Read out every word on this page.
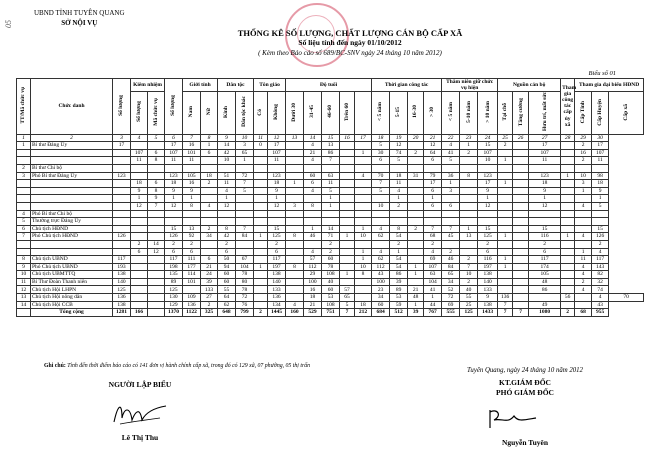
UBND TỈNH TUYÊN QUANG
SỞ NỘI VỤ
05
THỐNG KÊ SỐ LƯỢNG, CHẤT LƯỢNG CÁN BỘ CẤP XÃ
Số liệu tính đến ngày 01/10/2012
( Kèm theo Báo cáo số 689/BC-SNV ngày 24 tháng 10 năm 2012)
Biểu số 01
TT/Mã chức vụ	Chức danh	Số lượng	Kiêm nhiệm		Số lượng	Giới tính		Dân tộc		Tôn giáo		Độ tuổi					Thời gian công tác				Thâm niên giữ chức vụ hiện			Nguồn cán bộ			Tham gia công tác cấp ủy xã	Tham gia đại biểu HĐND		

			Số lượng	Mã chức vụ		Nam	Nữ	Kinh	Dân tộc khác	Có	Không	Dưới 30	31-45	46-60	Trên 60		< 5 năm	5-15	16-30	> 30	< 5 năm	5-10 năm	> 10 năm	Tại chỗ	Tăng cường	Hưu trí, mất sức		Cấp Tỉnh	Cấp Huyện	Cấp xã
1	2	3	4	5	6	7	8	9	10	11	12	13	14	15	16	17	18	19	20	21	22	23	24	25	26	27	28	29	30	
1	Bí thư Đảng Ủy	17			17	16	1	14	3	0	17		4	13			5	12		12	4	1	15	2		17		2	17	
			107	6	107	101	6	42	65		107		21	86		1	30	74	2	64	41	2	107			107		16	107	
			11	8	11	11		10	1		11		4	7			6	5		6	5		10	1		11		2	11	
2	Bí thư Chi bộ																													
3	Phó Bí thư Đảng Ủy	123			123	105	18	51	72		123		60	63		4	70	18	31	79	36	8	123			123	1	10	98	
			18	6	18	16	2	11	7		18	1	6	11			7	11		17	1		17	1		18		3	18	
			9	8	9	9		4	5		9		4	5			5	4		6	3		9			9		1	9	
			1	9	1	1		1			1			1				1		1			1			1			1	
			12	7	12	8	4	12			12	3	8	1			10	2		6	6		12			12		4	5	
4	Phó Bí thư Chi bộ																													
5	Thường trực Đảng Ủy																													
6	Chủ tịch HĐND				15	13	2	8	7		15		1	14		1	4	8	2	7	7	1	15			15			15	
7	Phó Chủ tịch HĐND	126			126	92	34	42	84	1	125	8	46	71	1	10	62	54		68	45	13	125	1		116	1	4	126	
			2	14	2	2		2			2			2				2		2			2			2			2	
			6	12	6	6		6			6		4	2		1	4	1		4	2		6			6		1	4	
8	Chủ tịch UBND	117			117	111	6	50	67		117		57	60		1	62	54		69	46	2	116	1		117		11	117	
9	Phó Chủ tịch UBND	193			198	177	21	94	104	1	197	8	112	78		10	112	54	1	107	84	7	197	1		174		4	143	
10	Chủ tịch UBMTTQ	138			135	114	24	60	78		138		29	108	1	8	43	86	1	63	65	10	138			105		4	82	
11	Bí Thư Đoàn Thanh niên	140			89	101	39	60	80		140		100	40			100	39		104	34	2	140			48		2	32	
12	Chủ tịch Hội LHPN	125			125		133	55	78		133		16	60	57		23	89	21	41	52	40	133			86		4	74	
13	Chủ tịch Hội nông dân	136			130	109	27	64	72		136		18	53	65		34	53	48	1	72	55	9	136			56		4	70
14	Chủ tịch Hội CCB	138			129	136	2	62	76		134	4	21	108	5	18	60	59	1	44	69	25	138	7		49			43	
	Tổng cộng	1281	166		1370	1122	325	648	799	2	1445	160	529	751	7	212	684	512	39	767	555	125	1433	7	7	1080	2	68	955	
Ghi chú: Tỉnh đến thời điểm báo cáo có 141 đơn vị hành chính cấp xã, trong đó có 129 xã, 07 phường, 05 thị trấn
NGƯỜI LẬP BIỂU
Lê Thị Thu
Tuyên Quang, ngày 24 tháng 10 năm 2012
KT.GIÁM ĐỐC
PHÓ GIÁM ĐỐC
Nguyễn Tuyên
